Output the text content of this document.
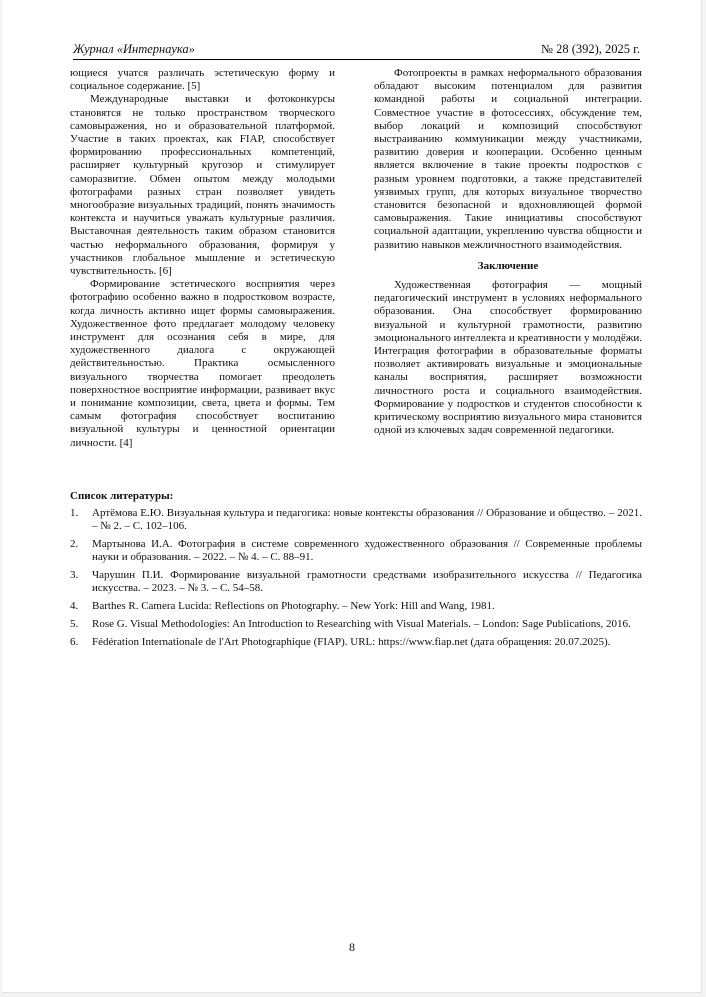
Журнал «Интернаука»	№ 28 (392), 2025 г.

ющиеся учатся различать эстетическую форму и социальное содержание. [5]

Международные выставки и фотоконкурсы становятся не только пространством творческого самовыражения, но и образовательной платформой. Участие в таких проектах, как FIAP, способствует формированию профессиональных компетенций, расширяет культурный кругозор и стимулирует саморазвитие. Обмен опытом между молодыми фотографами разных стран позволяет увидеть многообразие визуальных традиций, понять значимость контекста и научиться уважать культурные различия. Выставочная деятельность таким образом становится частью неформального образования, формируя у участников глобальное мышление и эстетическую чувствительность. [6]

Формирование эстетического восприятия через фотографию особенно важно в подростковом возрасте, когда личность активно ищет формы самовыражения. Художественное фото предлагает молодому человеку инструмент для осознания себя в мире, для художественного диалога с окружающей действительностью. Практика осмысленного визуального творчества помогает преодолеть поверхностное восприятие информации, развивает вкус и понимание композиции, света, цвета и формы. Тем самым фотография способствует воспитанию визуальной культуры и ценностной ориентации личности. [4]

Фотопроекты в рамках неформального образования обладают высоким потенциалом для развития командной работы и социальной интеграции. Совместное участие в фотосессиях, обсуждение тем, выбор локаций и композиций способствуют выстраиванию коммуникации между участниками, развитию доверия и кооперации. Особенно ценным является включение в такие проекты подростков с разным уровнем подготовки, а также представителей уязвимых групп, для которых визуальное творчество становится безопасной и вдохновляющей формой самовыражения. Такие инициативы способствуют социальной адаптации, укреплению чувства общности и развитию навыков межличностного взаимодействия.

Заключение

Художественная фотография — мощный педагогический инструмент в условиях неформального образования. Она способствует формированию визуальной и культурной грамотности, развитию эмоционального интеллекта и креативности у молодёжи. Интеграция фотографии в образовательные форматы позволяет активировать визуальные и эмоциональные каналы восприятия, расширяет возможности личностного роста и социального взаимодействия. Формирование у подростков и студентов способности к критическому восприятию визуального мира становится одной из ключевых задач современной педагогики.

Список литературы:
1.	Артёмова Е.Ю. Визуальная культура и педагогика: новые контексты образования // Образование и общество. – 2021. – № 2. – С. 102–106.
2.	Мартынова И.А. Фотография в системе современного художественного образования // Современные проблемы науки и образования. – 2022. – № 4. – С. 88–91.
3.	Чарушин П.И. Формирование визуальной грамотности средствами изобразительного искусства // Педагогика искусства. – 2023. – № 3. – С. 54–58.
4.	Barthes R. Camera Lucida: Reflections on Photography. – New York: Hill and Wang, 1981.
5.	Rose G. Visual Methodologies: An Introduction to Researching with Visual Materials. – London: Sage Publications, 2016.
6.	Fédération Internationale de l'Art Photographique (FIAP). URL: https://www.fiap.net (дата обращения: 20.07.2025).
8
